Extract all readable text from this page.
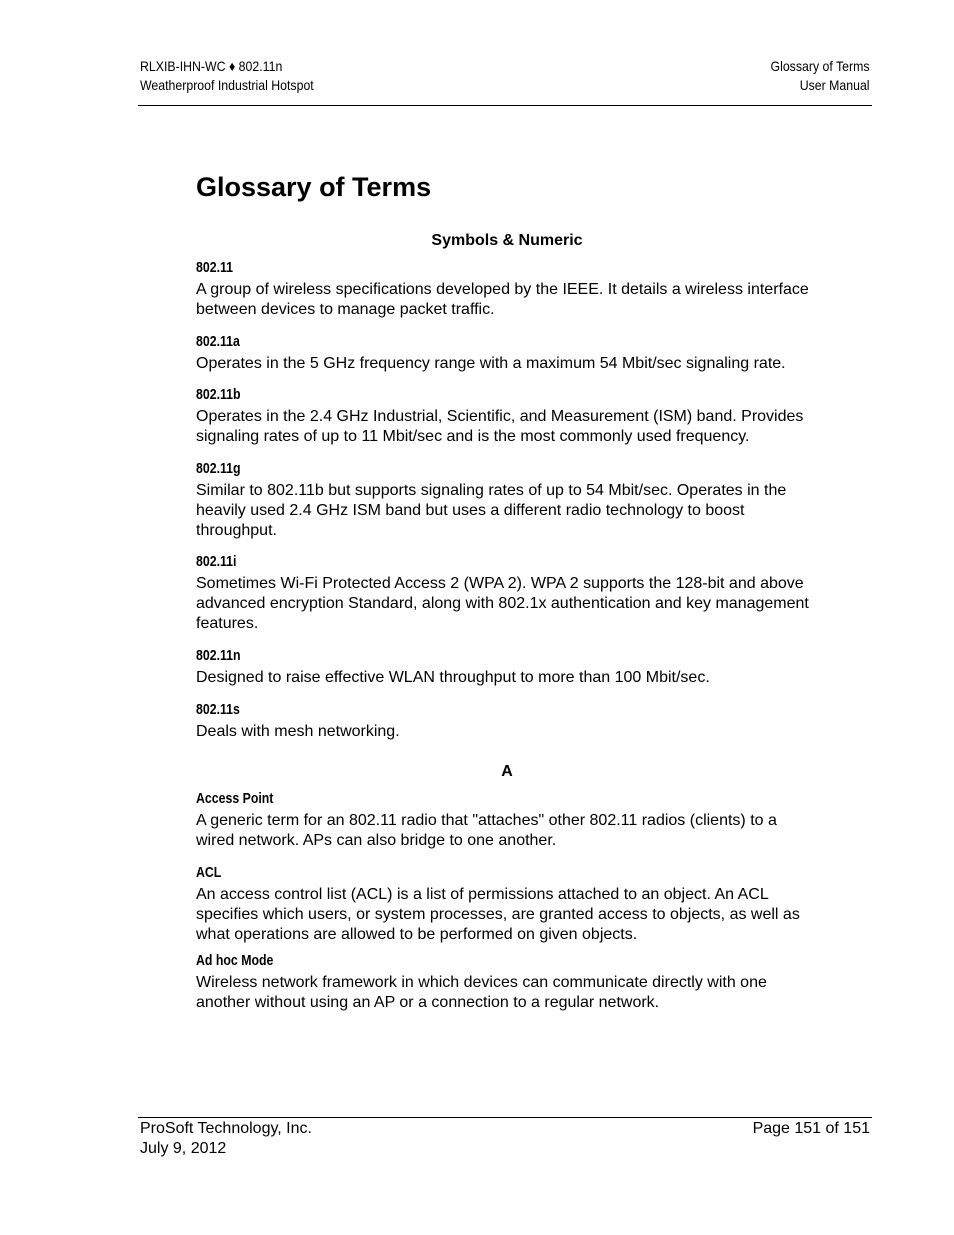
RLXIB-IHN-WC ♦ 802.11n
Weatherproof Industrial Hotspot
Glossary of Terms
User Manual
Glossary of Terms
Symbols & Numeric
802.11

A group of wireless specifications developed by the IEEE. It details a wireless interface between devices to manage packet traffic.

802.11a

Operates in the 5 GHz frequency range with a maximum 54 Mbit/sec signaling rate.

802.11b

Operates in the 2.4 GHz Industrial, Scientific, and Measurement (ISM) band. Provides signaling rates of up to 11 Mbit/sec and is the most commonly used frequency.

802.11g

Similar to 802.11b but supports signaling rates of up to 54 Mbit/sec. Operates in the heavily used 2.4 GHz ISM band but uses a different radio technology to boost throughput.

802.11i

Sometimes Wi-Fi Protected Access 2 (WPA 2). WPA 2 supports the 128-bit and above advanced encryption Standard, along with 802.1x authentication and key management features.

802.11n

Designed to raise effective WLAN throughput to more than 100 Mbit/sec.

802.11s

Deals with mesh networking.

A
Access Point

A generic term for an 802.11 radio that "attaches" other 802.11 radios (clients) to a wired network. APs can also bridge to one another.

ACL

An access control list (ACL) is a list of permissions attached to an object. An ACL specifies which users, or system processes, are granted access to objects, as well as what operations are allowed to be performed on given objects.

Ad hoc Mode

Wireless network framework in which devices can communicate directly with one another without using an AP or a connection to a regular network.

ProSoft Technology, Inc.
July 9, 2012
Page 151 of 151
